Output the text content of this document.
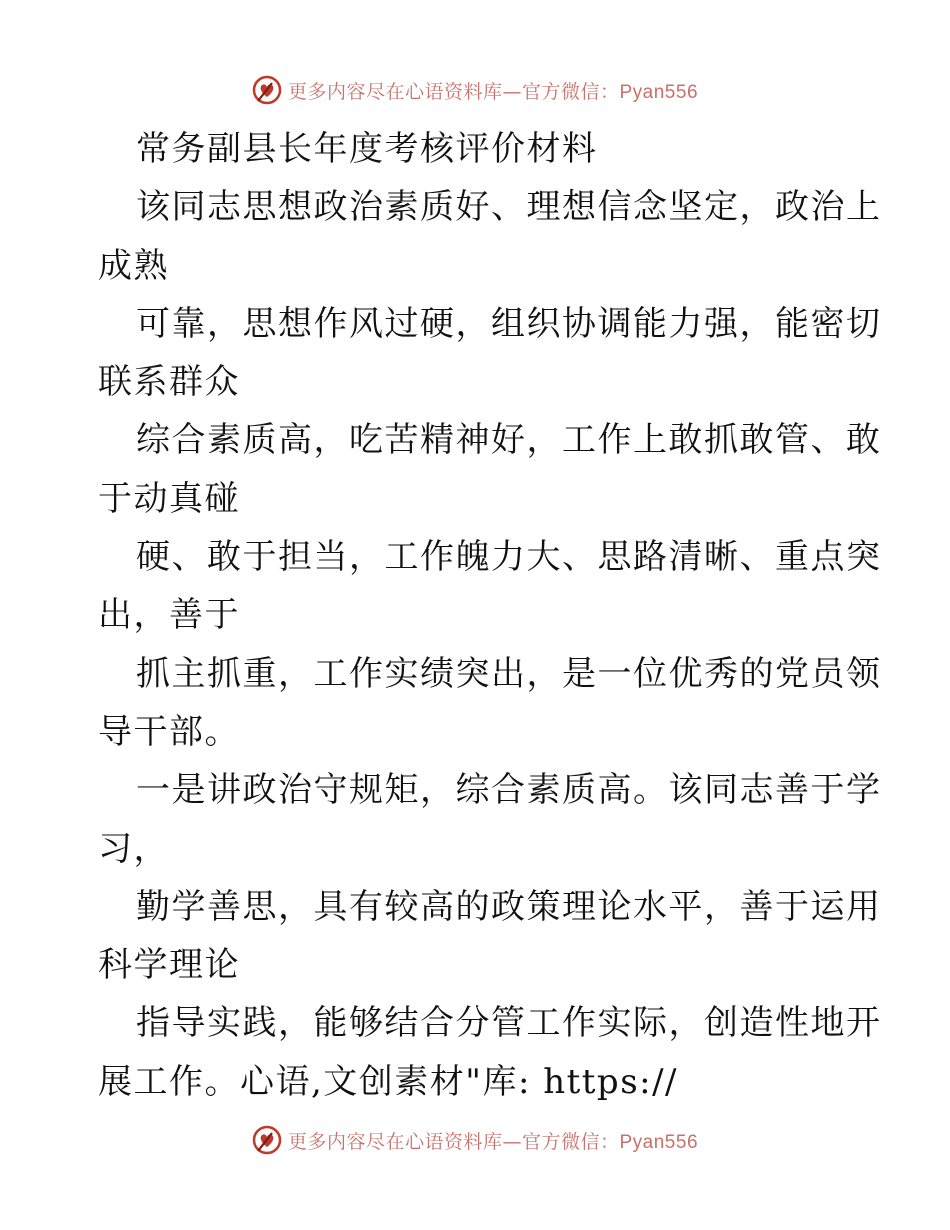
更多内容尽在心语资料库—官方微信：Pyan556
常务副县长年度考核评价材料
该同志思想政治素质好、理想信念坚定，政治上
成熟
可靠，思想作风过硬，组织协调能力强，能密切
联系群众
综合素质高，吃苦精神好，工作上敢抓敢管、敢
于动真碰
硬、敢于担当，工作魄力大、思路清晰、重点突
出，善于
抓主抓重，工作实绩突出，是一位优秀的党员领
导干部。
一是讲政治守规矩，综合素质高。该同志善于学
习，
勤学善思，具有较高的政策理论水平，善于运用
科学理论
指导实践，能够结合分管工作实际，创造性地开
展工作。心语,文创素材"库: https://
更多内容尽在心语资料库—官方微信：Pyan556
